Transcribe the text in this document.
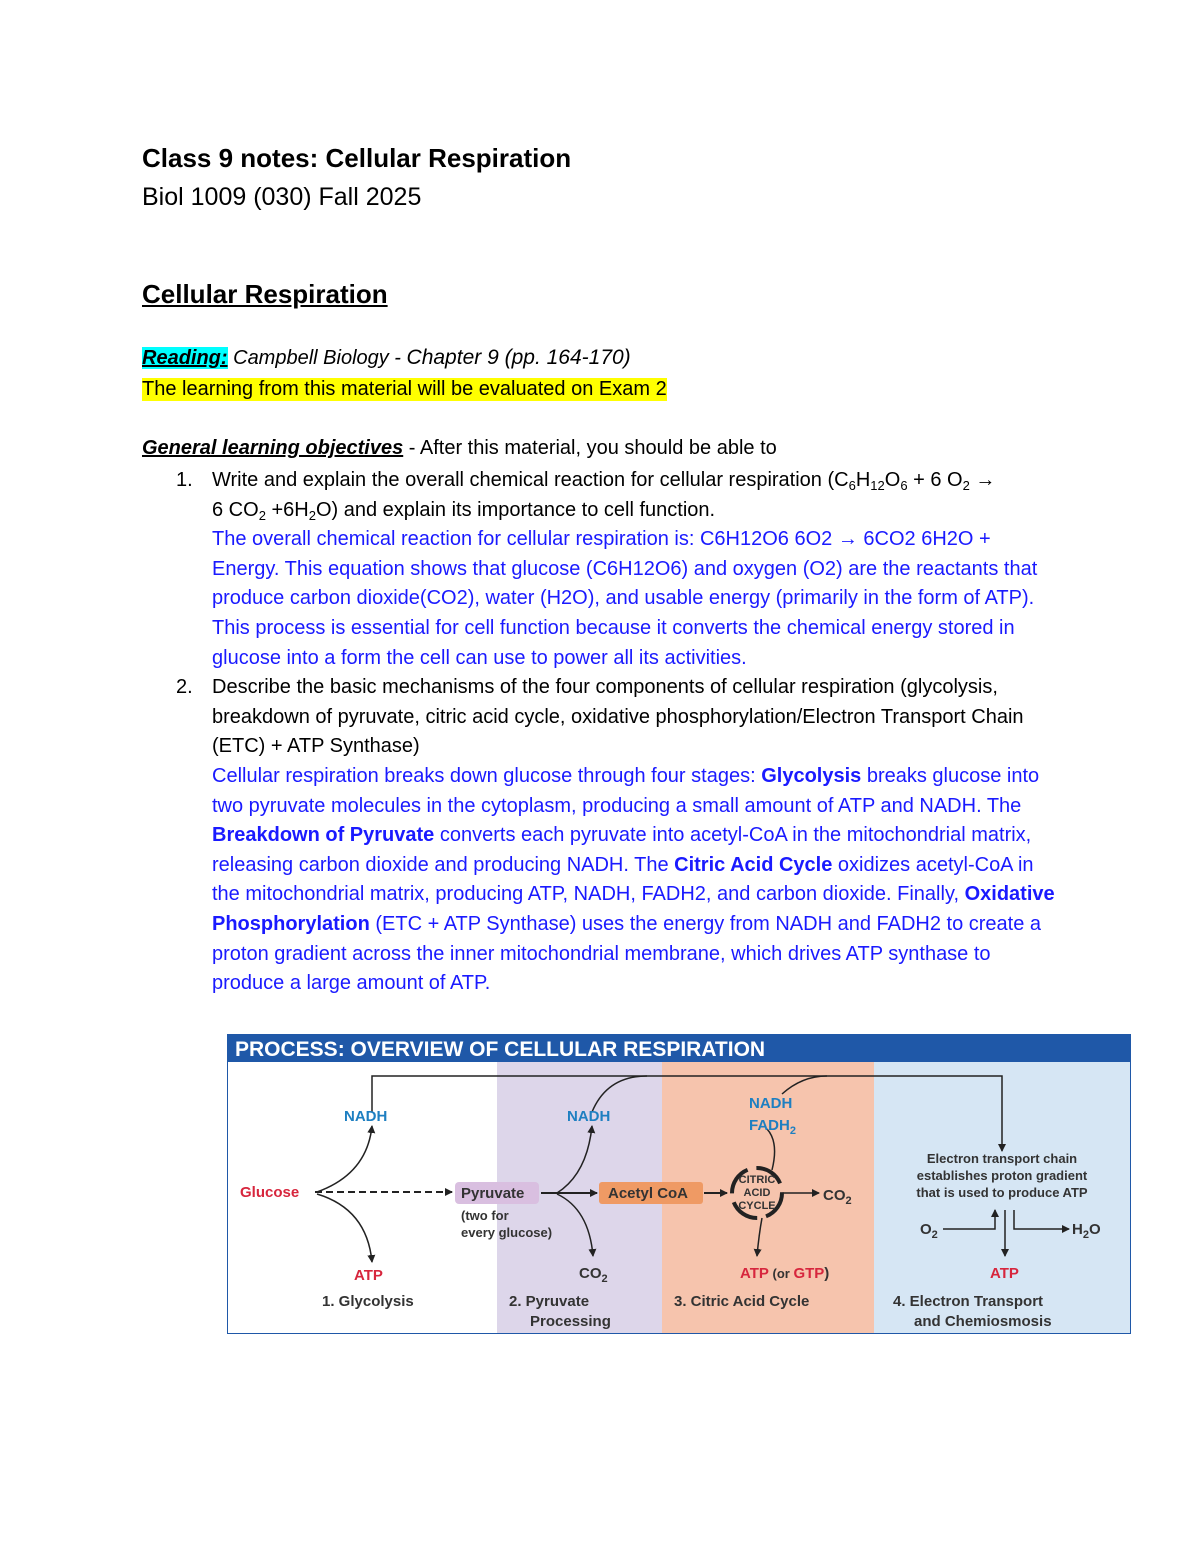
Class 9 notes: Cellular Respiration
Biol 1009 (030) Fall 2025
Cellular Respiration
Reading: Campbell Biology - Chapter 9 (pp. 164-170)
The learning from this material will be evaluated on Exam 2
General learning objectives - After this material, you should be able to
1. Write and explain the overall chemical reaction for cellular respiration ($C_6H_{12}O_6 + 6$ $O_2$ →
6 $CO_2 +6H_2O$) and explain its importance to cell function.
The overall chemical reaction for cellular respiration is: C6H12O6 6O2 → 6CO2 6H2O + Energy. This equation shows that glucose (C6H12O6) and oxygen (O2) are the reactants that produce carbon dioxide(CO2), water (H2O), and usable energy (primarily in the form of ATP).
This process is essential for cell function because it converts the chemical energy stored in glucose into a form the cell can use to power all its activities.
2. Describe the basic mechanisms of the four components of cellular respiration (glycolysis, breakdown of pyruvate, citric acid cycle, oxidative phosphorylation/Electron Transport Chain (ETC) + ATP Synthase)
Cellular respiration breaks down glucose through four stages: Glycolysis breaks glucose into two pyruvate molecules in the cytoplasm, producing a small amount of ATP and NADH. The Breakdown of Pyruvate converts each pyruvate into acetyl-CoA in the mitochondrial matrix, releasing carbon dioxide and producing NADH. The Citric Acid Cycle oxidizes acetyl-CoA in the mitochondrial matrix, producing ATP, NADH, FADH2, and carbon dioxide. Finally, Oxidative Phosphorylation (ETC + ATP Synthase) uses the energy from NADH and FADH2 to create a proton gradient across the inner mitochondrial membrane, which drives ATP synthase to produce a large amount of ATP.
PROCESS: OVERVIEW OF CELLULAR RESPIRATION
Glucose
NADH
ATP
1. Glycolysis
Pyruvate
(two for
every glucose)
NADH
$CO_2$
2. Pyruvate
Processing
Acetyl CoA
CITRIC
ACID
CYCLE
NADH
$FADH_2$
$CO_2$
ATP (or GTP)
3. Citric Acid Cycle
Electron transport chain
establishes proton gradient
that is used to produce ATP
$O_2$	$H_2O$
ATP
4. Electron Transport
and Chemiosmosis
